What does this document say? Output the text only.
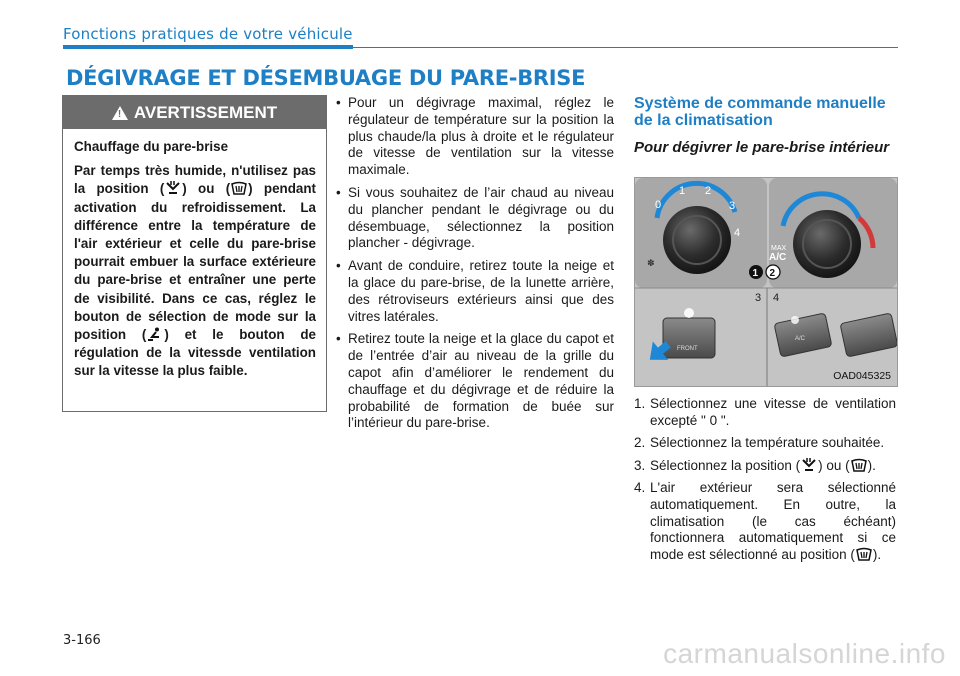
Fonctions pratiques de votre véhicule
DÉGIVRAGE ET DÉSEMBUAGE DU PARE-BRISE
! AVERTISSEMENT
Chauffage du pare-brise
Par temps très humide, n'utilisez pas la position ( ) ou ( ) pendant activation du refroidissement. La différence entre la température de l'air extérieur et celle du pare-brise pourrait embuer la surface extérieure du pare-brise et entraîner une perte de visibilité. Dans ce cas, réglez le bouton de sélection de mode sur la position ( ) et le bouton de régulation de la vitessde ventilation sur la vitesse la plus faible.
• Pour un dégivrage maximal, réglez le régulateur de température sur la position la plus chaude/la plus à droite et le régulateur de vitesse de ventilation sur la vitesse maximale.
• Si vous souhaitez de l’air chaud au niveau du plancher pendant le dégivrage ou du désembuage, sélectionnez la position plancher - dégivrage.
• Avant de conduire, retirez toute la neige et la glace du pare-brise, de la lunette arrière, des rétroviseurs extérieurs ainsi que des vitres latérales.
• Retirez toute la neige et la glace du capot et de l’entrée d’air au niveau de la grille du capot afin d’améliorer le rendement du chauffage et du dégivrage et de réduire la probabilité de formation de buée sur l’intérieur du pare-brise.
Système de commande manuelle de la climatisation
Pour dégivrer le pare-brise intérieur
✽
MAX
A/C
0
1 2
3
4
1 2
3 4
FRONT
A/C
OAD045325
1. Sélectionnez une vitesse de ventilation excepté " 0 ".
2. Sélectionnez la température souhaitée.
3. Sélectionnez la position ( ) ou ( ).
4. L'air extérieur sera sélectionné automatiquement. En outre, la climatisation (le cas échéant) fonctionnera automatiquement si ce mode est sélectionné au position ( ).
3-166	carmanualsonline.info
